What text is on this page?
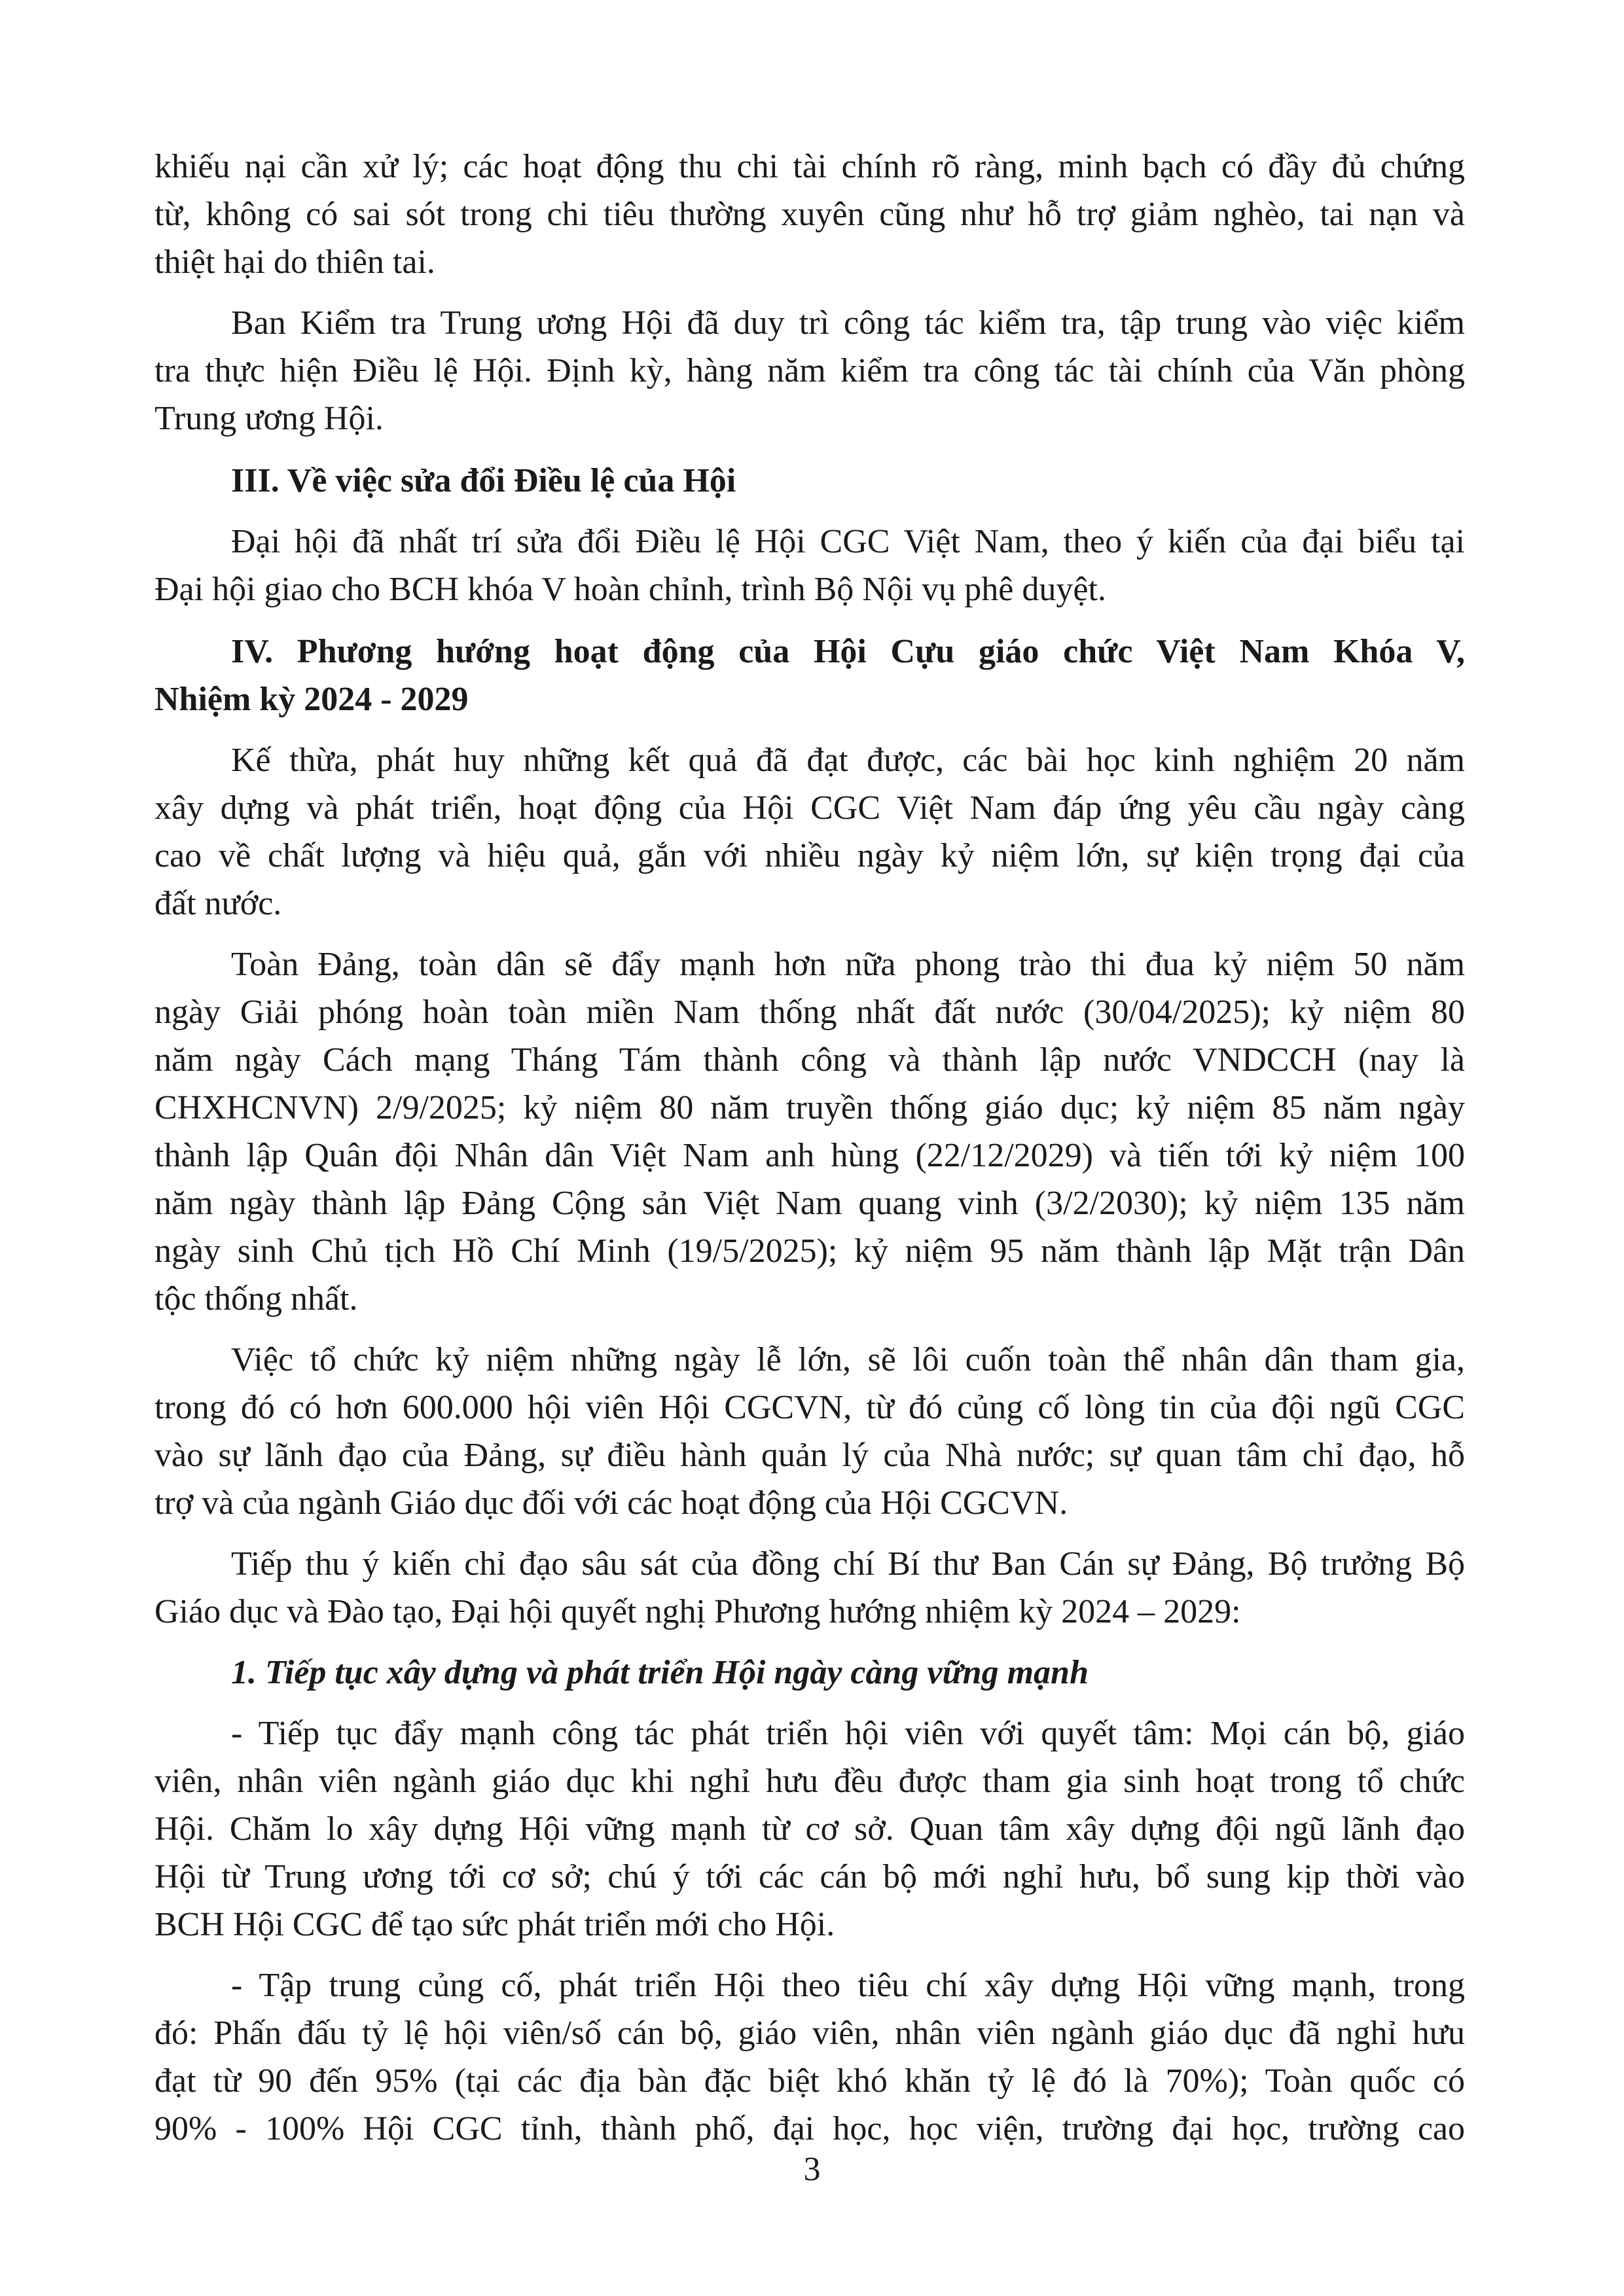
khiếu nại cần xử lý; các hoạt động thu chi tài chính rõ ràng, minh bạch có đầy đủ chứng
từ, không có sai sót trong chi tiêu thường xuyên cũng như hỗ trợ giảm nghèo, tai nạn và
thiệt hại do thiên tai.
Ban Kiểm tra Trung ương Hội đã duy trì công tác kiểm tra, tập trung vào việc kiểm
tra thực hiện Điều lệ Hội. Định kỳ, hàng năm kiểm tra công tác tài chính của Văn phòng
Trung ương Hội.
III. Về việc sửa đổi Điều lệ của Hội
Đại hội đã nhất trí sửa đổi Điều lệ Hội CGC Việt Nam, theo ý kiến của đại biểu tại
Đại hội giao cho BCH khóa V hoàn chỉnh, trình Bộ Nội vụ phê duyệt.
IV. Phương hướng hoạt động của Hội Cựu giáo chức Việt Nam Khóa V,
Nhiệm kỳ 2024 - 2029
Kế thừa, phát huy những kết quả đã đạt được, các bài học kinh nghiệm 20 năm
xây dựng và phát triển, hoạt động của Hội CGC Việt Nam đáp ứng yêu cầu ngày càng
cao về chất lượng và hiệu quả, gắn với nhiều ngày kỷ niệm lớn, sự kiện trọng đại của
đất nước.
Toàn Đảng, toàn dân sẽ đẩy mạnh hơn nữa phong trào thi đua kỷ niệm 50 năm
ngày Giải phóng hoàn toàn miền Nam thống nhất đất nước (30/04/2025); kỷ niệm 80
năm ngày Cách mạng Tháng Tám thành công và thành lập nước VNDCCH (nay là
CHXHCNVN) 2/9/2025; kỷ niệm 80 năm truyền thống giáo dục; kỷ niệm 85 năm ngày
thành lập Quân đội Nhân dân Việt Nam anh hùng (22/12/2029) và tiến tới kỷ niệm 100
năm ngày thành lập Đảng Cộng sản Việt Nam quang vinh (3/2/2030); kỷ niệm 135 năm
ngày sinh Chủ tịch Hồ Chí Minh (19/5/2025); kỷ niệm 95 năm thành lập Mặt trận Dân
tộc thống nhất.
Việc tổ chức kỷ niệm những ngày lễ lớn, sẽ lôi cuốn toàn thể nhân dân tham gia,
trong đó có hơn 600.000 hội viên Hội CGCVN, từ đó củng cố lòng tin của đội ngũ CGC
vào sự lãnh đạo của Đảng, sự điều hành quản lý của Nhà nước; sự quan tâm chỉ đạo, hỗ
trợ và của ngành Giáo dục đối với các hoạt động của Hội CGCVN.
Tiếp thu ý kiến chỉ đạo sâu sát của đồng chí Bí thư Ban Cán sự Đảng, Bộ trưởng Bộ
Giáo dục và Đào tạo, Đại hội quyết nghị Phương hướng nhiệm kỳ 2024 – 2029:
1. Tiếp tục xây dựng và phát triển Hội ngày càng vững mạnh
- Tiếp tục đẩy mạnh công tác phát triển hội viên với quyết tâm: Mọi cán bộ, giáo
viên, nhân viên ngành giáo dục khi nghỉ hưu đều được tham gia sinh hoạt trong tổ chức
Hội. Chăm lo xây dựng Hội vững mạnh từ cơ sở. Quan tâm xây dựng đội ngũ lãnh đạo
Hội từ Trung ương tới cơ sở; chú ý tới các cán bộ mới nghỉ hưu, bổ sung kịp thời vào
BCH Hội CGC để tạo sức phát triển mới cho Hội.
- Tập trung củng cố, phát triển Hội theo tiêu chí xây dựng Hội vững mạnh, trong
đó: Phấn đấu tỷ lệ hội viên/số cán bộ, giáo viên, nhân viên ngành giáo dục đã nghỉ hưu
đạt từ 90 đến 95% (tại các địa bàn đặc biệt khó khăn tỷ lệ đó là 70%); Toàn quốc có
90% - 100% Hội CGC tỉnh, thành phố, đại học, học viện, trường đại học, trường cao
3
